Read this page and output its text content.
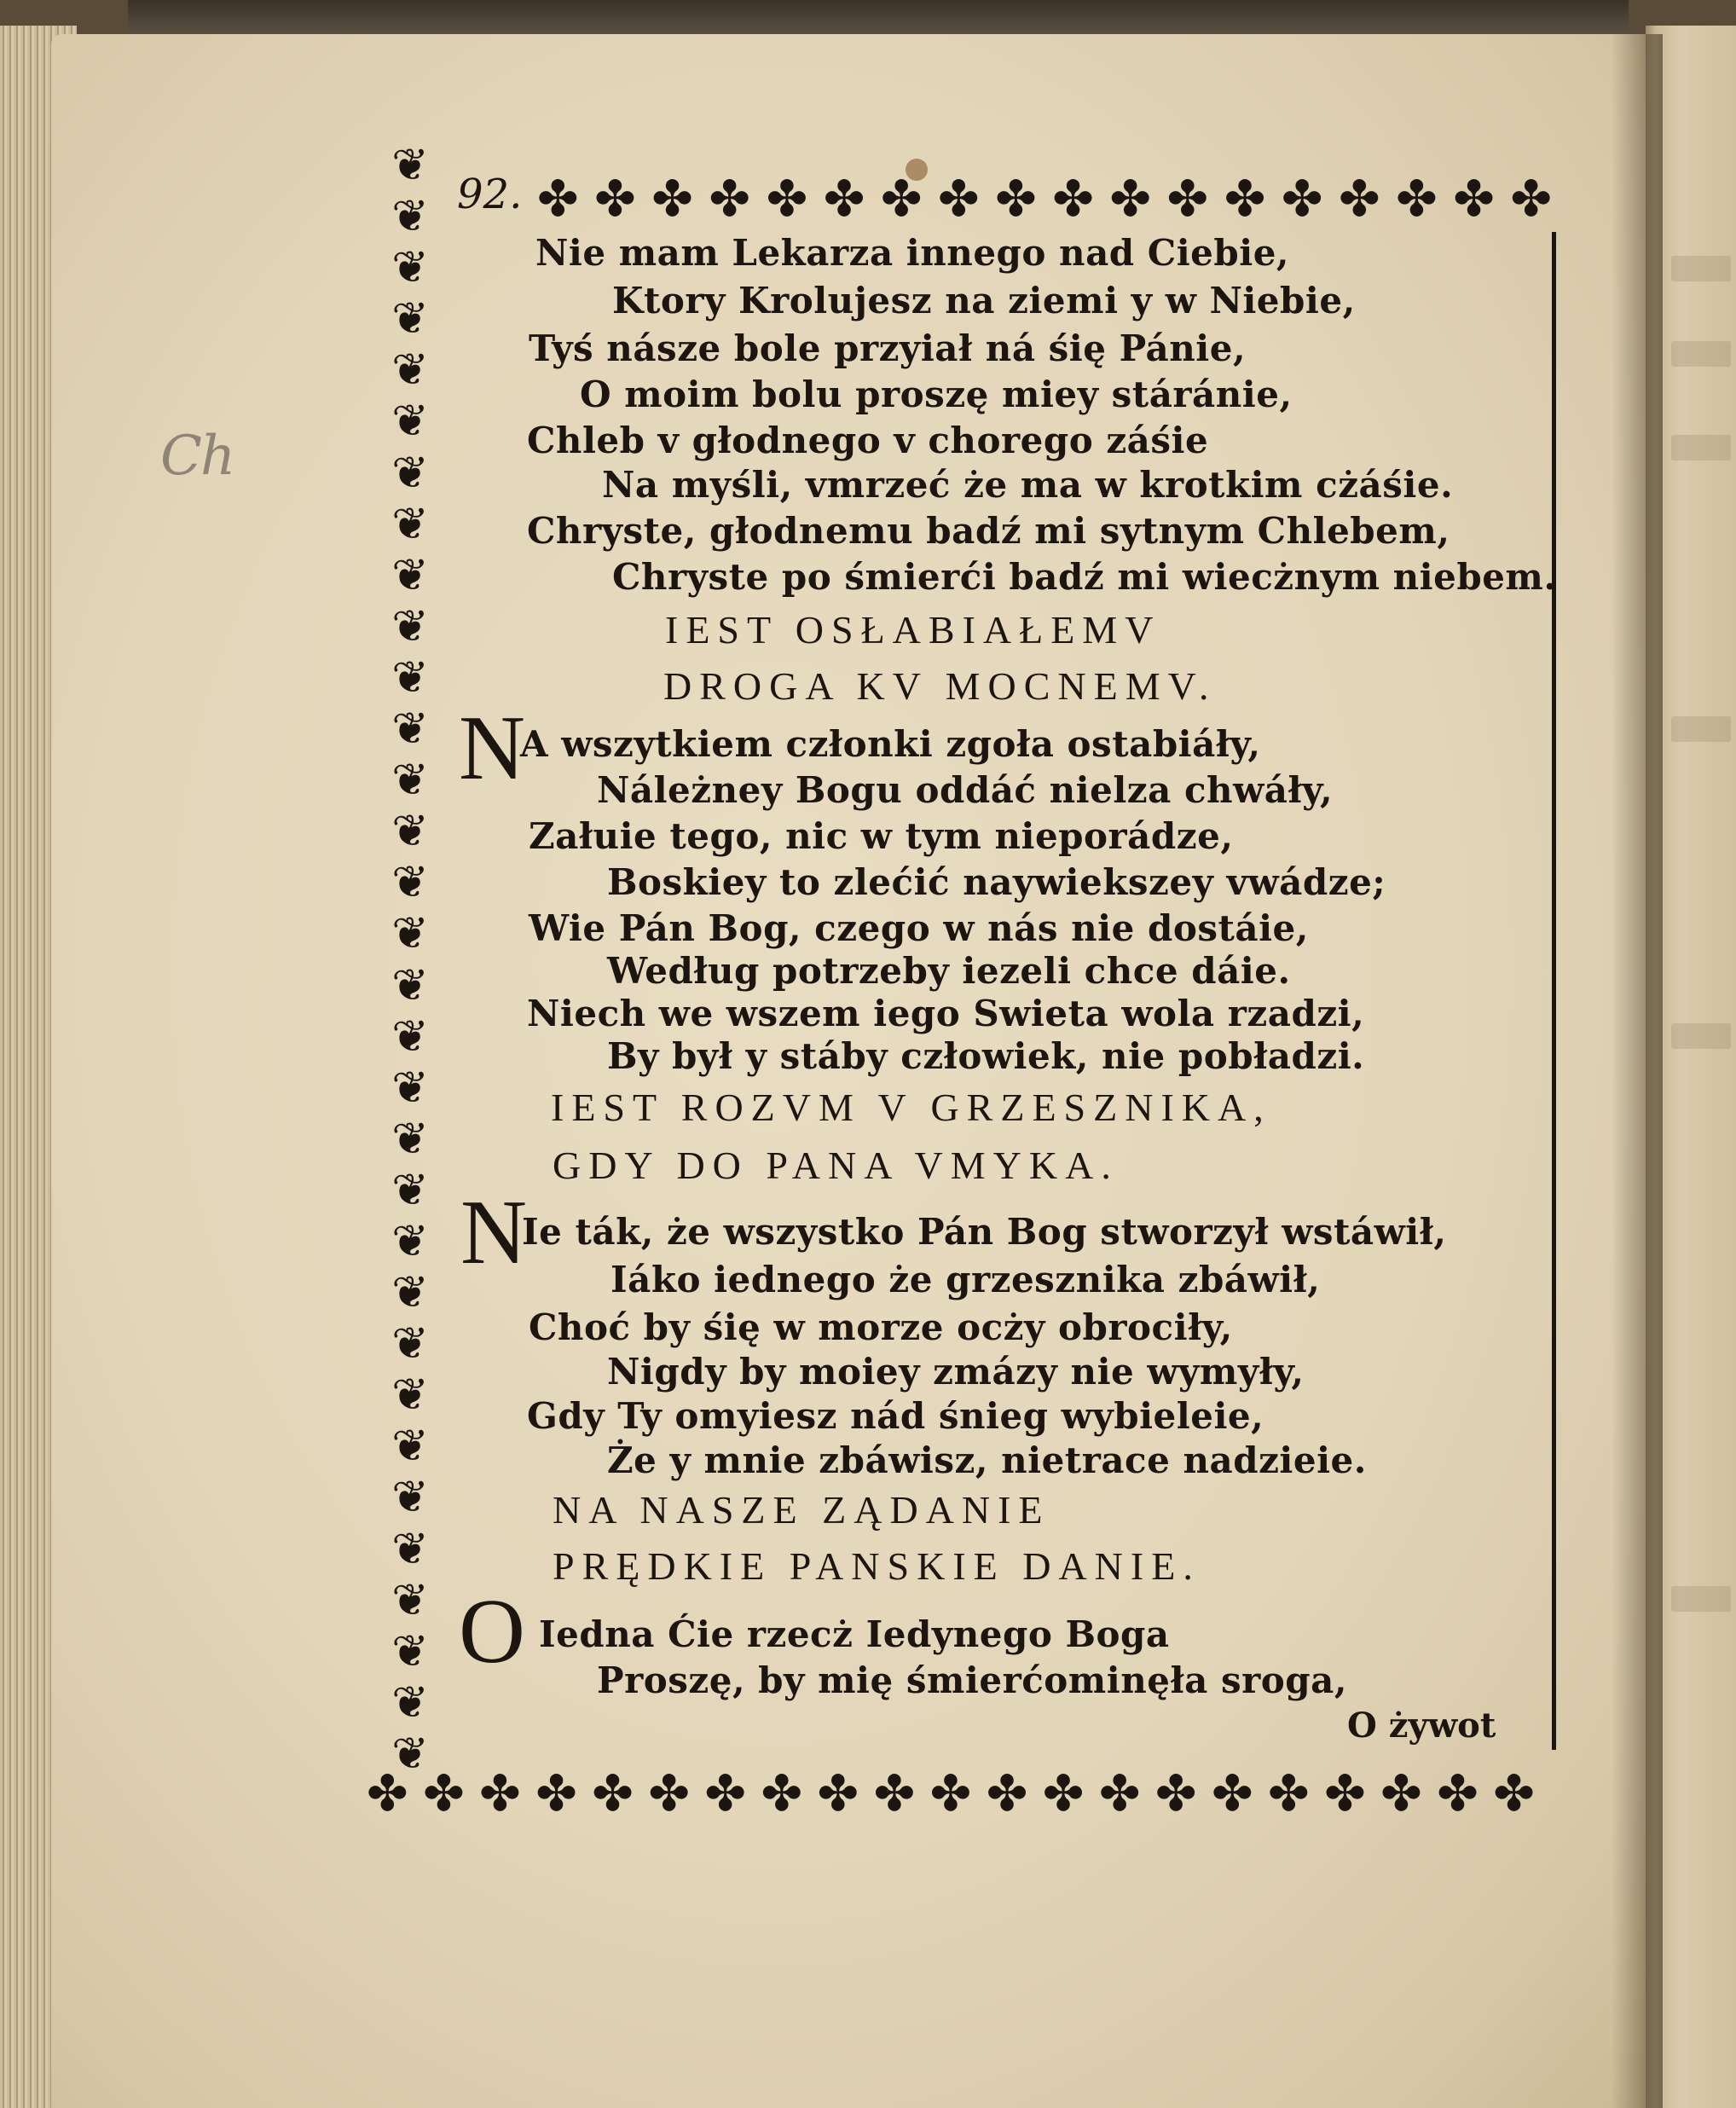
Ch
92.
❦
❦
❦
❦
❦
❦
❦
❦
❦
❦
❦
❦
❦
❦
❦
❦
❦
❦
❦
❦
❦
❦
❦
❦
❦
❦
❦
❦
❦
❦
❦
❦
✤ ✤ ✤ ✤ ✤ ✤ ✤ ✤ ✤ ✤ ✤ ✤ ✤ ✤ ✤ ✤ ✤ ✤
✤ ✤ ✤ ✤ ✤ ✤ ✤ ✤ ✤ ✤ ✤ ✤ ✤ ✤ ✤ ✤ ✤ ✤ ✤ ✤ ✤
Nie mam Lekarza innego nad Ciebie,
Ktory Krolujesz na ziemi y w Niebie,
Tyś násze bole przyiał ná śię Pánie,
O moim bolu proszę miey stáránie,
Chleb v głodnego v chorego záśie
Na myśli, vmrzeć że ma w krotkim cżáśie.
Chryste, głodnemu badź mi sytnym Chlebem,
Chryste po śmierći badź mi wiecżnym niebem.
IEST OSŁABIAŁEMV
DROGA KV MOCNEMV.
N
A wszytkiem członki zgoła ostabiáły,
Náleżney Bogu oddáć nielza chwáły,
Załuie tego, nic w tym nieporádze,
Boskiey to zlećić naywiekszey vwádze;
Wie Pán Bog, czego w nás nie dostáie,
Według potrzeby iezeli chce dáie.
Niech we wszem iego Swieta wola rzadzi,
By był y stáby człowiek, nie pobładzi.
IEST ROZVM V GRZESZNIKA,
GDY DO PANA VMYKA.
N
Ie ták, że wszystko Pán Bog stworzył wstáwił,
Iáko iednego że grzesznika zbáwił,
Choć by śię w morze ocży obrociły,
Nigdy by moiey zmázy nie wymyły,
Gdy Ty omyiesz nád śnieg wybieleie,
Że y mnie zbáwisz, nietrace nadzieie.
NA NASZE ZĄDANIE
PRĘDKIE PANSKIE DANIE.
O Iedna Ćie rzecż Iedynego Boga
Proszę, by mię śmierćominęła sroga,
O żywot
